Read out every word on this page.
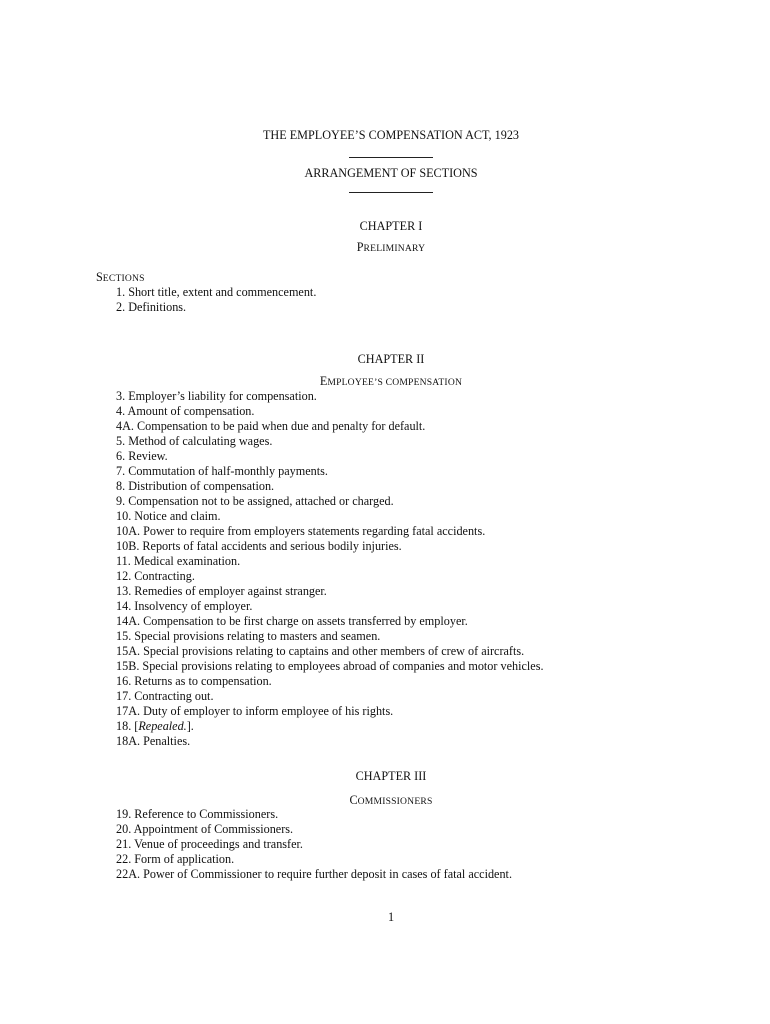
THE EMPLOYEE’S COMPENSATION ACT, 1923
ARRANGEMENT OF SECTIONS
CHAPTER I
PRELIMINARY
SECTIONS
1. Short title, extent and commencement.
2. Definitions.
CHAPTER II
EMPLOYEE’S COMPENSATION
3. Employer’s liability for compensation.
4. Amount of compensation.
4A. Compensation to be paid when due and penalty for default.
5. Method of calculating wages.
6. Review.
7. Commutation of half-monthly payments.
8. Distribution of compensation.
9. Compensation not to be assigned, attached or charged.
10. Notice and claim.
10A. Power to require from employers statements regarding fatal accidents.
10B. Reports of fatal accidents and serious bodily injuries.
11. Medical examination.
12. Contracting.
13. Remedies of employer against stranger.
14. Insolvency of employer.
14A. Compensation to be first charge on assets transferred by employer.
15. Special provisions relating to masters and seamen.
15A. Special provisions relating to captains and other members of crew of aircrafts.
15B. Special provisions relating to employees abroad of companies and motor vehicles.
16. Returns as to compensation.
17. Contracting out.
17A. Duty of employer to inform employee of his rights.
18. [Repealed.].
18A. Penalties.
CHAPTER III
COMMISSIONERS
19. Reference to Commissioners.
20. Appointment of Commissioners.
21. Venue of proceedings and transfer.
22. Form of application.
22A. Power of Commissioner to require further deposit in cases of fatal accident.
1
